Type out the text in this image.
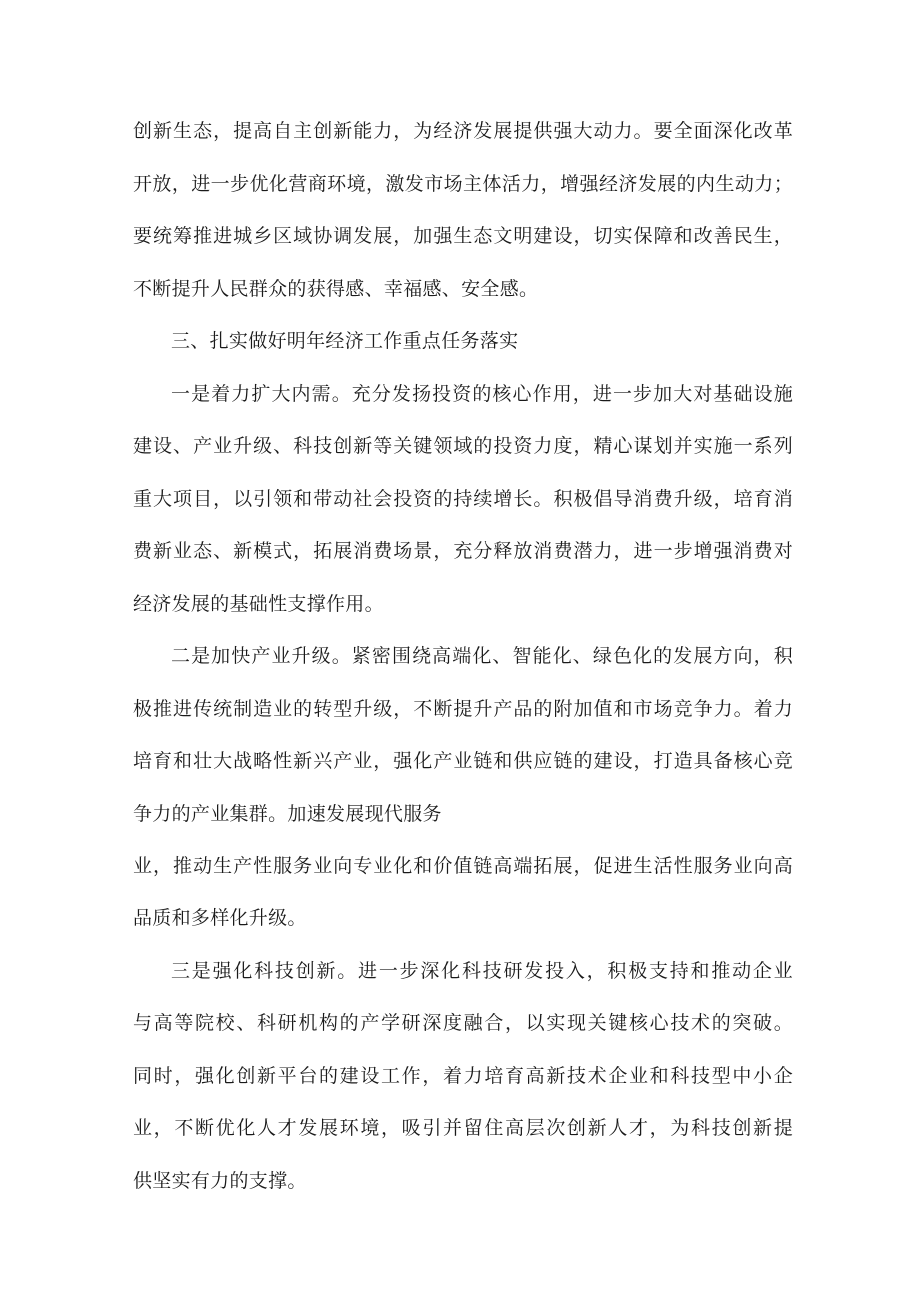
创新生态，提高自主创新能力，为经济发展提供强大动力。要全面深化改革
开放，进一步优化营商环境，激发市场主体活力，增强经济发展的内生动力；
要统筹推进城乡区域协调发展，加强生态文明建设，切实保障和改善民生，
不断提升人民群众的获得感、幸福感、安全感。
三、扎实做好明年经济工作重点任务落实
一是着力扩大内需。充分发扬投资的核心作用，进一步加大对基础设施
建设、产业升级、科技创新等关键领域的投资力度，精心谋划并实施一系列
重大项目，以引领和带动社会投资的持续增长。积极倡导消费升级，培育消
费新业态、新模式，拓展消费场景，充分释放消费潜力，进一步增强消费对
经济发展的基础性支撑作用。
二是加快产业升级。紧密围绕高端化、智能化、绿色化的发展方向，积
极推进传统制造业的转型升级，不断提升产品的附加值和市场竞争力。着力
培育和壮大战略性新兴产业，强化产业链和供应链的建设，打造具备核心竞
争力的产业集群。加速发展现代服务
业，推动生产性服务业向专业化和价值链高端拓展，促进生活性服务业向高
品质和多样化升级。
三是强化科技创新。进一步深化科技研发投入，积极支持和推动企业
与高等院校、科研机构的产学研深度融合，以实现关键核心技术的突破。
同时，强化创新平台的建设工作，着力培育高新技术企业和科技型中小企
业，不断优化人才发展环境，吸引并留住高层次创新人才，为科技创新提
供坚实有力的支撑。
